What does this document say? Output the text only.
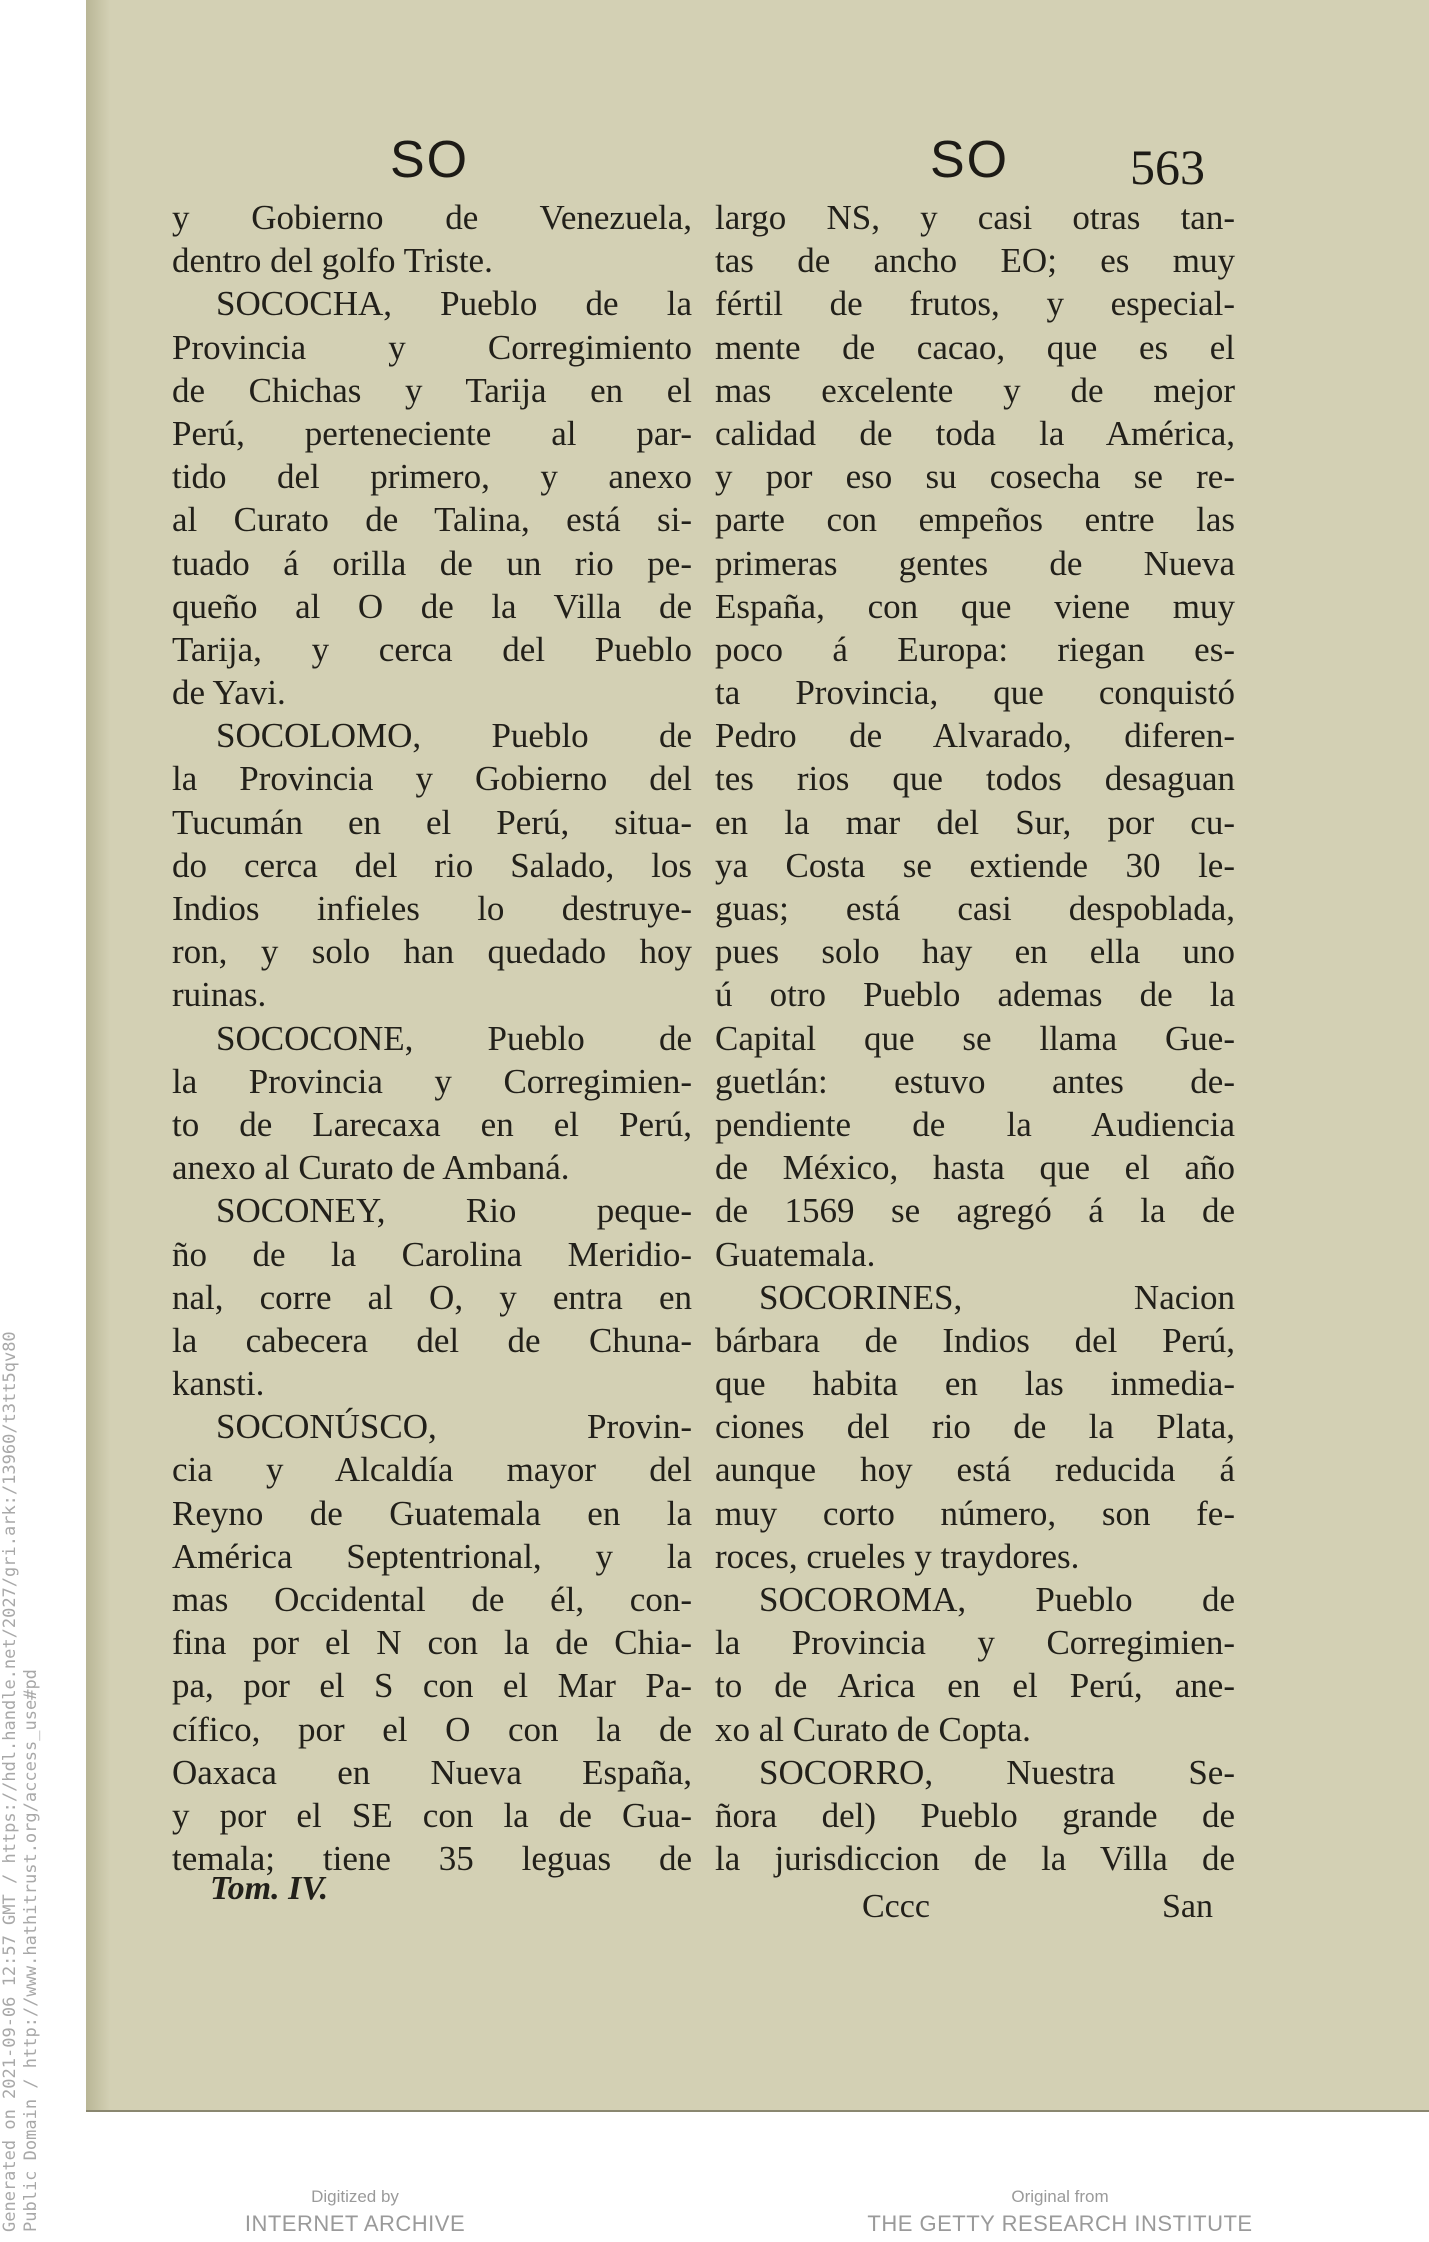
SO	SO 563
y Gobierno de Venezuela,
dentro del golfo Triste.
SOCOCHA, Pueblo de la
Provincia y Corregimiento
de Chichas y Tarija en el
Perú, perteneciente al par-
tido del primero, y anexo
al Curato de Talina, está si-
tuado á orilla de un rio pe-
queño al O de la Villa de
Tarija, y cerca del Pueblo
de Yavi.
SOCOLOMO, Pueblo de
la Provincia y Gobierno del
Tucumán en el Perú, situa-
do cerca del rio Salado, los
Indios infieles lo destruye-
ron, y solo han quedado hoy
ruinas.
SOCOCONE, Pueblo de
la Provincia y Corregimien-
to de Larecaxa en el Perú,
anexo al Curato de Ambaná.
SOCONEY, Rio peque-
ño de la Carolina Meridio-
nal, corre al O, y entra en
la cabecera del de Chuna-
kansti.
SOCONÚSCO, Provin-
cia y Alcaldía mayor del
Reyno de Guatemala en la
América Septentrional, y la
mas Occidental de él, con-
fina por el N con la de Chia-
pa, por el S con el Mar Pa-
cífico, por el O con la de
Oaxaca en Nueva España,
y por el SE con la de Gua-
temala; tiene 35 leguas de
largo NS, y casi otras tan-
tas de ancho EO; es muy
fértil de frutos, y especial-
mente de cacao, que es el
mas excelente y de mejor
calidad de toda la América,
y por eso su cosecha se re-
parte con empeños entre las
primeras gentes de Nueva
España, con que viene muy
poco á Europa: riegan es-
ta Provincia, que conquistó
Pedro de Alvarado, diferen-
tes rios que todos desaguan
en la mar del Sur, por cu-
ya Costa se extiende 30 le-
guas; está casi despoblada,
pues solo hay en ella uno
ú otro Pueblo ademas de la
Capital que se llama Gue-
guetlán: estuvo antes de-
pendiente de la Audiencia
de México, hasta que el año
de 1569 se agregó á la de
Guatemala.
SOCORINES, Nacion
bárbara de Indios del Perú,
que habita en las inmedia-
ciones del rio de la Plata,
aunque hoy está reducida á
muy corto número, son fe-
roces, crueles y traydores.
SOCOROMA, Pueblo de
la Provincia y Corregimien-
to de Arica en el Perú, ane-
xo al Curato de Copta.
SOCORRO, Nuestra Se-
ñora del) Pueblo grande de
la jurisdiccion de la Villa de
Tom. IV.	Cccc	San
Generated on 2021-09-06 12:57 GMT / https://hdl.handle.net/2027/gri.ark:/13960/t3tt5qv80 Public Domain / http://www.hathitrust.org/access_use#pd	Digitized by
INTERNET ARCHIVE
Original from
THE GETTY RESEARCH INSTITUTE
